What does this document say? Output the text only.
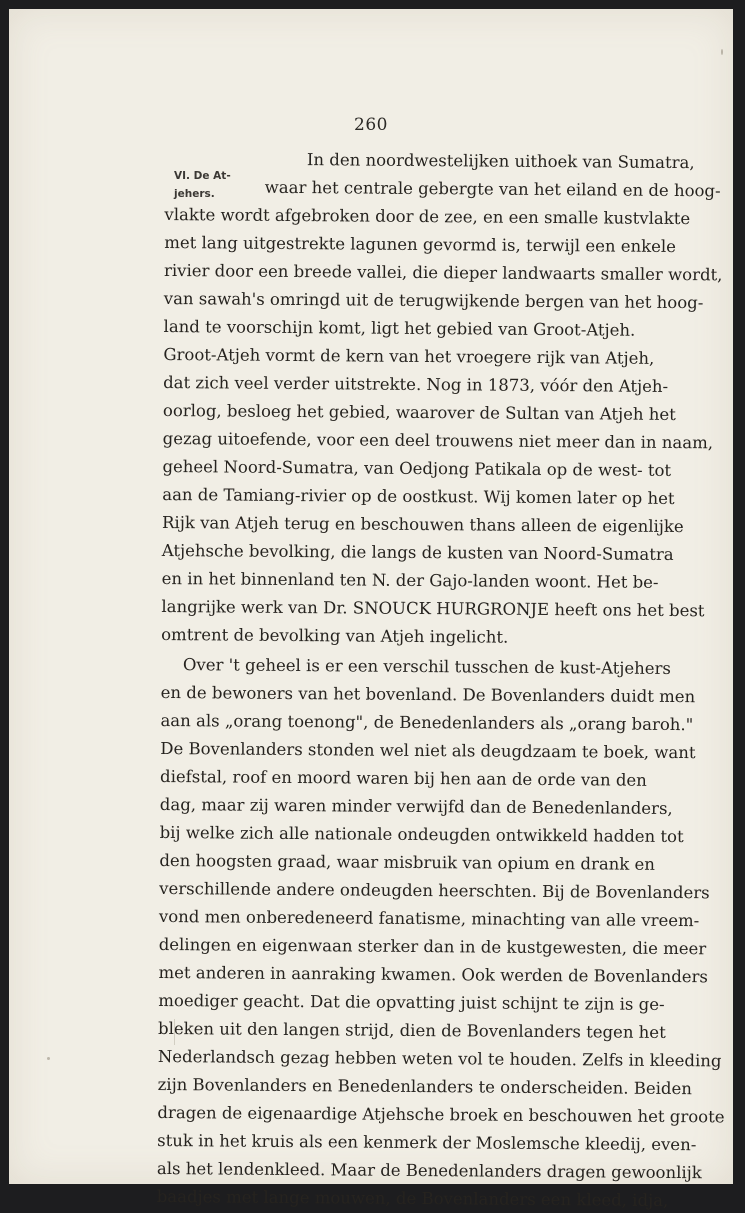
260
VI. De At-
jehers.
In den noordwestelijken uithoek van Sumatra,
waar het centrale gebergte van het eiland en de hoog-
vlakte wordt afgebroken door de zee, en een smalle kustvlakte
met lang uitgestrekte lagunen gevormd is, terwijl een enkele
rivier door een breede vallei, die dieper landwaarts smaller wordt,
van sawah's omringd uit de terugwijkende bergen van het hoog-
land te voorschijn komt, ligt het gebied van Groot-Atjeh.
Groot-Atjeh vormt de kern van het vroegere rijk van Atjeh,
dat zich veel verder uitstrekte. Nog in 1873, vóór den Atjeh-
oorlog, besloeg het gebied, waarover de Sultan van Atjeh het
gezag uitoefende, voor een deel trouwens niet meer dan in naam,
geheel Noord-Sumatra, van Oedjong Patikala op de west- tot
aan de Tamiang-rivier op de oostkust. Wij komen later op het
Rijk van Atjeh terug en beschouwen thans alleen de eigenlijke
Atjehsche bevolking, die langs de kusten van Noord-Sumatra
en in het binnenland ten N. der Gajo-landen woont. Het be-
langrijke werk van Dr. SNOUCK HURGRONJE heeft ons het best
omtrent de bevolking van Atjeh ingelicht.
Over 't geheel is er een verschil tusschen de kust-Atjehers
en de bewoners van het bovenland. De Bovenlanders duidt men
aan als „orang toenong", de Benedenlanders als „orang baroh."
De Bovenlanders stonden wel niet als deugdzaam te boek, want
diefstal, roof en moord waren bij hen aan de orde van den
dag, maar zij waren minder verwijfd dan de Benedenlanders,
bij welke zich alle nationale ondeugden ontwikkeld hadden tot
den hoogsten graad, waar misbruik van opium en drank en
verschillende andere ondeugden heerschten. Bij de Bovenlanders
vond men onberedeneerd fanatisme, minachting van alle vreem-
delingen en eigenwaan sterker dan in de kustgewesten, die meer
met anderen in aanraking kwamen. Ook werden de Bovenlanders
moediger geacht. Dat die opvatting juist schijnt te zijn is ge-
bleken uit den langen strijd, dien de Bovenlanders tegen het
Nederlandsch gezag hebben weten vol te houden. Zelfs in kleeding
zijn Bovenlanders en Benedenlanders te onderscheiden. Beiden
dragen de eigenaardige Atjehsche broek en beschouwen het groote
stuk in het kruis als een kenmerk der Moslemsche kleedij, even-
als het lendenkleed. Maar de Benedenlanders dragen gewoonlijk
baadjes met lange mouwen, de Bovenlanders een kleed, idja,
